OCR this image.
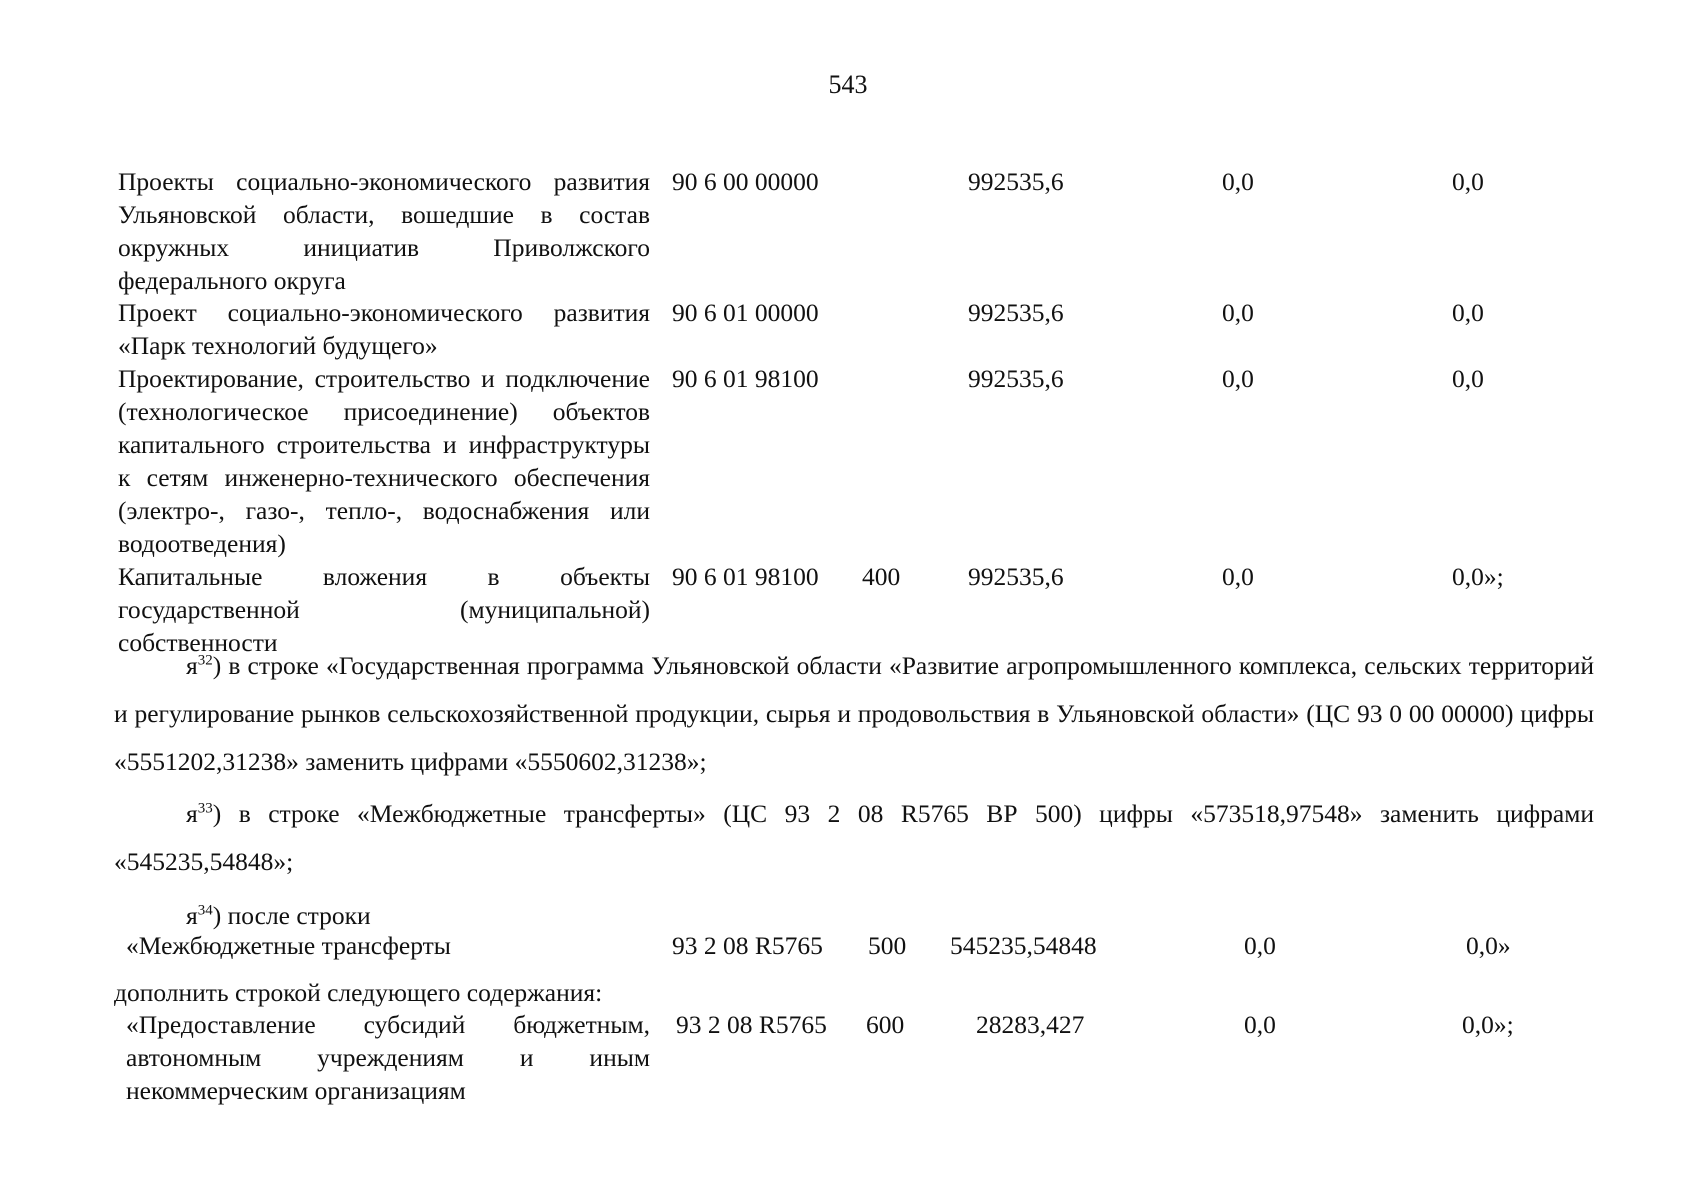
543
Проекты социально-экономического развития Ульяновской области, вошедшие в состав окружных инициатив Приволжского федерального округа
90 6 00 00000	992535,6	0,0	0,0
Проект социально-экономического развития «Парк технологий будущего»
90 6 01 00000	992535,6	0,0	0,0
Проектирование, строительство и подключение (технологическое присоединение) объектов капитального строительства и инфраструктуры к сетям инженерно-технического обеспечения (электро-, газо-, тепло-, водоснабжения или водоотведения)
90 6 01 98100	992535,6	0,0	0,0
Капитальные вложения в объекты государственной (муниципальной) собственности
90 6 01 98100 400	992535,6	0,0	0,0»;
$я^{32}$) в строке «Государственная программа Ульяновской области «Развитие агропромышленного комплекса, сельских территорий и регулирование рынков сельскохозяйственной продукции, сырья и продовольствия в Ульяновской области» (ЦС 93 0 00 00000) цифры «5551202,31238» заменить цифрами «5550602,31238»;
$я^{33}$) в строке «Межбюджетные трансферты» (ЦС 93 2 08 R5765 ВР 500) цифры «573518,97548» заменить цифрами «545235,54848»;
$я^{34}$) после строки
«Межбюджетные трансферты	93 2 08 R5765 500 545235,54848	0,0	0,0»
дополнить строкой следующего содержания:
«Предоставление субсидий бюджетным, автономным учреждениям и иным некоммерческим организациям
93 2 08 R5765 600	28283,427	0,0	0,0»;
